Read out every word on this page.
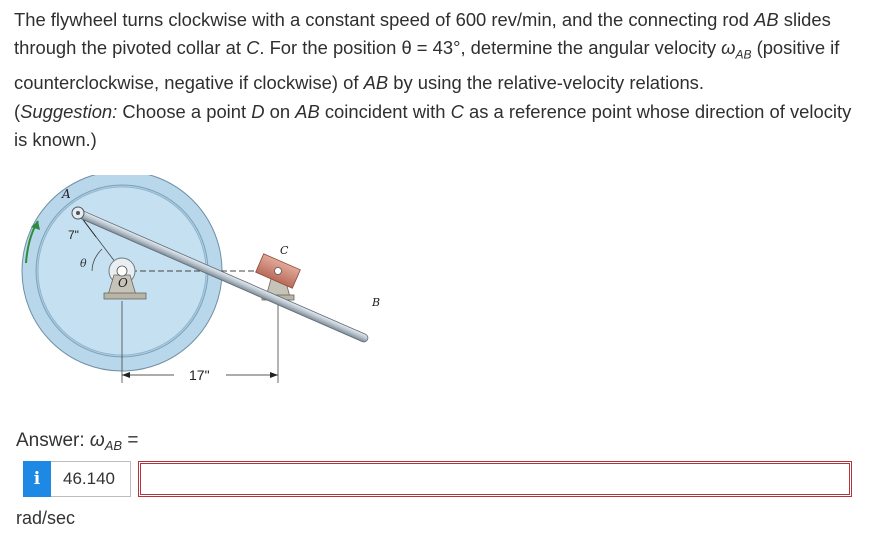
The flywheel turns clockwise with a constant speed of 600 rev/min, and the connecting rod AB slides through the pivoted collar at C. For the position θ = 43°, determine the angular velocity $\omega_{AB}$ (positive if counterclockwise, negative if clockwise) of AB by using the relative-velocity relations.
(Suggestion: Choose a point D on AB coincident with C as a reference point whose direction of velocity is known.)

7"
θ
O
17"
A
C
B
Answer: $\omega_{AB}$ =
i	46.140
rad/sec
